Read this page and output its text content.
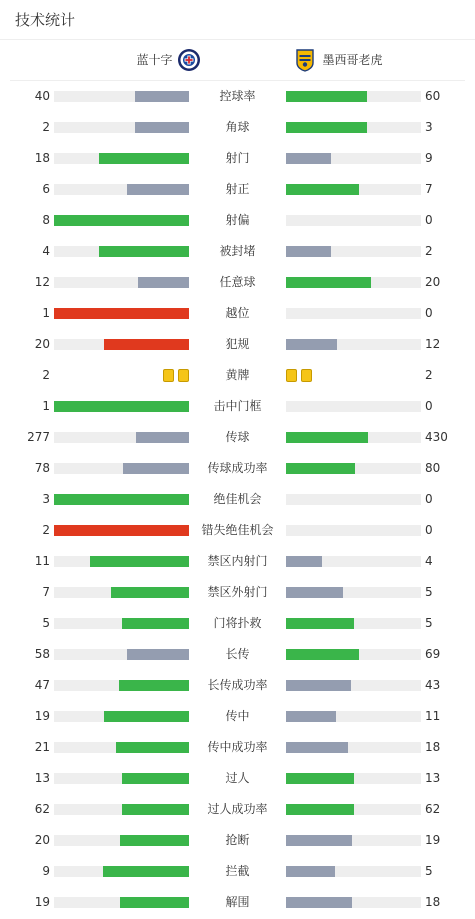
技术统计
蓝十字	墨西哥老虎
40	控球率	60
2	角球	3
18	射门	9
6	射正	7
8	射偏	0
4	被封堵	2
12	任意球	20
1	越位	0
20	犯规	12
2	黄牌	2
1	击中门框	0
277	传球	430
78	传球成功率	80
3	绝佳机会	0
2	错失绝佳机会	0
11	禁区内射门	4
7	禁区外射门	5
5	门将扑救	5
58	长传	69
47	长传成功率	43
19	传中	11
21	传中成功率	18
13	过人	13
62	过人成功率	62
20	抢断	19
9	拦截	5
19	解围	18
